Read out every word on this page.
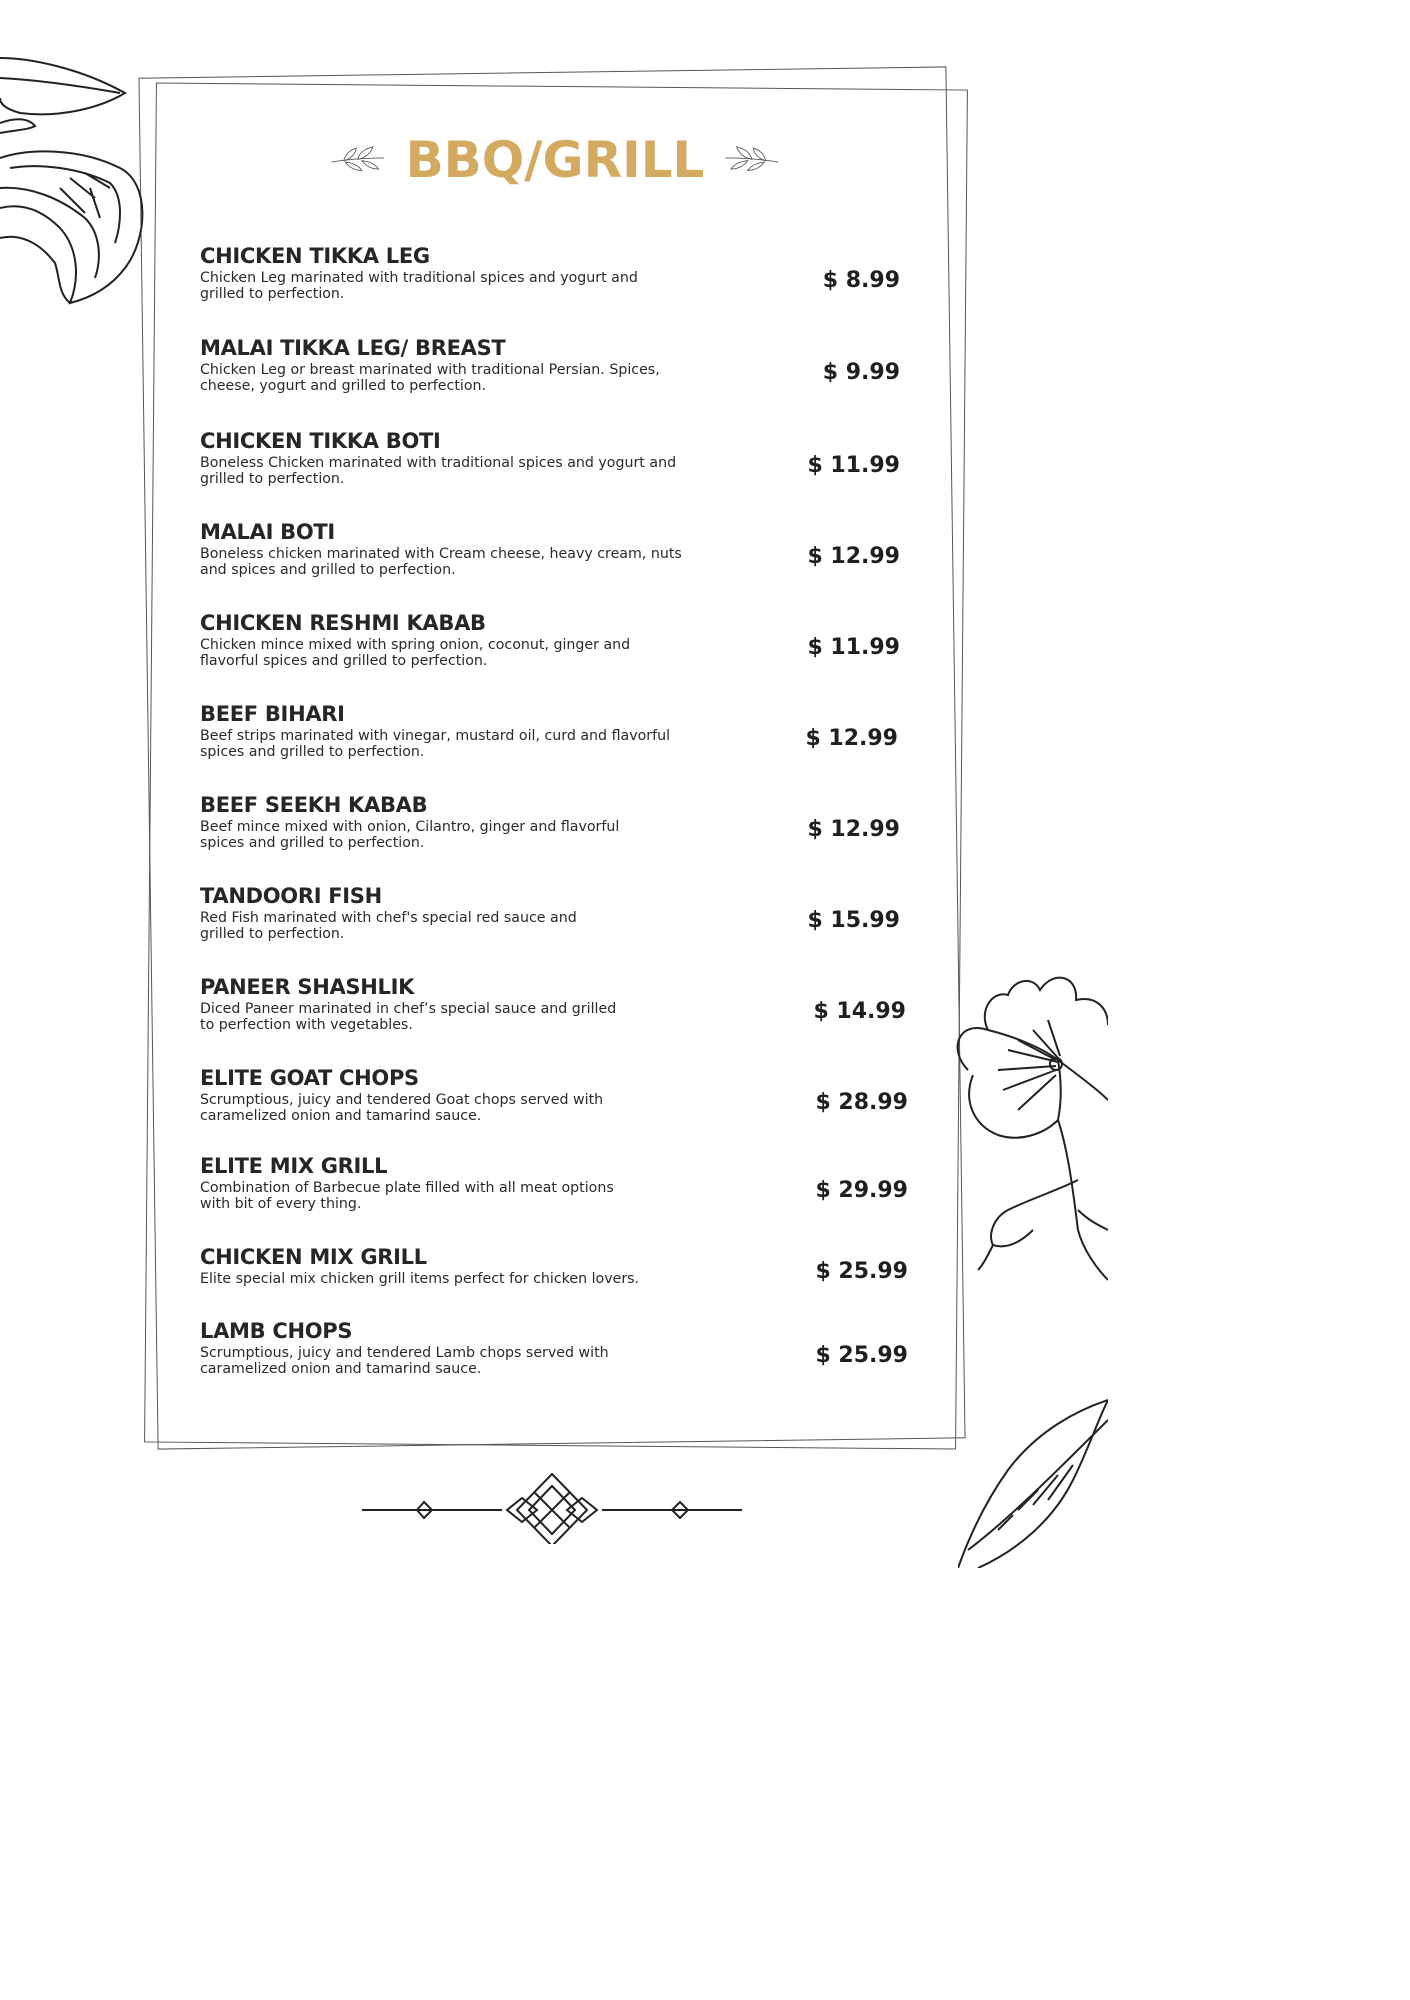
BBQ/GRILL
CHICKEN TIKKA LEG
Chicken Leg marinated with traditional spices and yogurt and
grilled to perfection.
$ 8.99
MALAI TIKKA LEG/ BREAST
Chicken Leg or breast marinated with traditional Persian. Spices,
cheese, yogurt and grilled to perfection.
$ 9.99
CHICKEN TIKKA BOTI
Boneless Chicken marinated with traditional spices and yogurt and
grilled to perfection.
$ 11.99
MALAI BOTI
Boneless chicken marinated with Cream cheese, heavy cream, nuts
and spices and grilled to perfection.
$ 12.99
CHICKEN RESHMI KABAB
Chicken mince mixed with spring onion, coconut, ginger and
flavorful spices and grilled to perfection.
$ 11.99
BEEF BIHARI
Beef strips marinated with vinegar, mustard oil, curd and flavorful
spices and grilled to perfection.
$ 12.99
BEEF SEEKH KABAB
Beef mince mixed with onion, Cilantro, ginger and flavorful
spices and grilled to perfection.
$ 12.99
TANDOORI FISH
Red Fish marinated with chef's special red sauce and
grilled to perfection.
$ 15.99
PANEER SHASHLIK
Diced Paneer marinated in chef’s special sauce and grilled
to perfection with vegetables.
$ 14.99
ELITE GOAT CHOPS
Scrumptious, juicy and tendered Goat chops served with
caramelized onion and tamarind sauce.
$ 28.99
ELITE MIX GRILL
Combination of Barbecue plate filled with all meat options
with bit of every thing.
$ 29.99
CHICKEN MIX GRILL
Elite special mix chicken grill items perfect for chicken lovers.	$ 25.99
LAMB CHOPS
Scrumptious, juicy and tendered Lamb chops served with
caramelized onion and tamarind sauce.
$ 25.99
